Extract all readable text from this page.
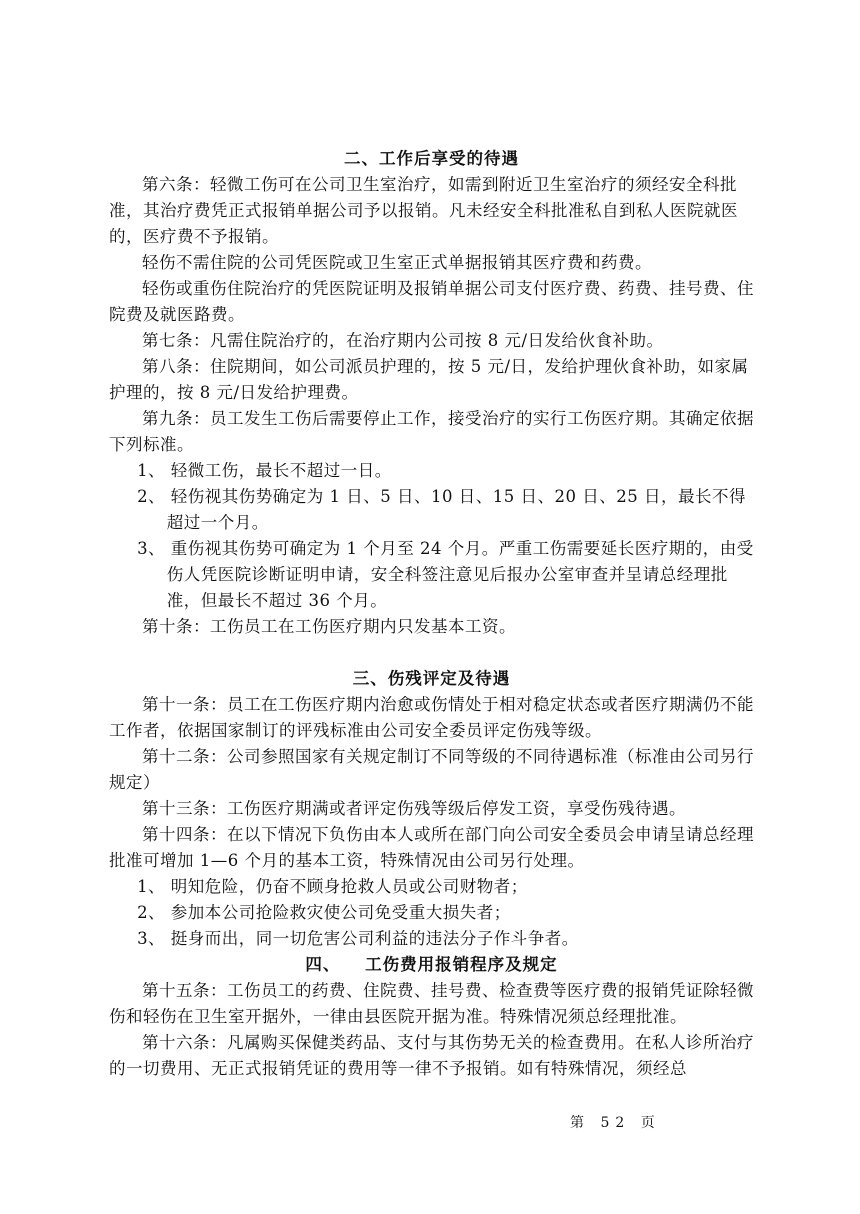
二、工作后享受的待遇

第六条：轻微工伤可在公司卫生室治疗，如需到附近卫生室治疗的须经安全科批准，其治疗费凭正式报销单据公司予以报销。凡未经安全科批准私自到私人医院就医的，医疗费不予报销。

轻伤不需住院的公司凭医院或卫生室正式单据报销其医疗费和药费。

轻伤或重伤住院治疗的凭医院证明及报销单据公司支付医疗费、药费、挂号费、住院费及就医路费。

第七条：凡需住院治疗的，在治疗期内公司按 8 元/日发给伙食补助。

第八条：住院期间，如公司派员护理的，按 5 元/日，发给护理伙食补助，如家属护理的，按 8 元/日发给护理费。

第九条：员工发生工伤后需要停止工作，接受治疗的实行工伤医疗期。其确定依据下列标准。

1、 轻微工伤，最长不超过一日。

2、 轻伤视其伤势确定为 1 日、5 日、10 日、15 日、20 日、25 日，最长不得超过一个月。

3、 重伤视其伤势可确定为 1 个月至 24 个月。严重工伤需要延长医疗期的，由受伤人凭医院诊断证明申请，安全科签注意见后报办公室审查并呈请总经理批准，但最长不超过 36 个月。

第十条：工伤员工在工伤医疗期内只发基本工资。

三、伤残评定及待遇

第十一条：员工在工伤医疗期内治愈或伤情处于相对稳定状态或者医疗期满仍不能工作者，依据国家制订的评残标准由公司安全委员评定伤残等级。

第十二条：公司参照国家有关规定制订不同等级的不同待遇标准（标准由公司另行规定）

第十三条：工伤医疗期满或者评定伤残等级后停发工资，享受伤残待遇。

第十四条：在以下情况下负伤由本人或所在部门向公司安全委员会申请呈请总经理批准可增加 1—6 个月的基本工资，特殊情况由公司另行处理。

1、 明知危险，仍奋不顾身抢救人员或公司财物者；

2、 参加本公司抢险救灾使公司免受重大损失者；

3、 挺身而出，同一切危害公司利益的违法分子作斗争者。

四、 工伤费用报销程序及规定

第十五条：工伤员工的药费、住院费、挂号费、检查费等医疗费的报销凭证除轻微伤和轻伤在卫生室开据外，一律由县医院开据为准。特殊情况须总经理批准。

第十六条：凡属购买保健类药品、支付与其伤势无关的检查费用。在私人诊所治疗的一切费用、无正式报销凭证的费用等一律不予报销。如有特殊情况，须经总

第 52 页
